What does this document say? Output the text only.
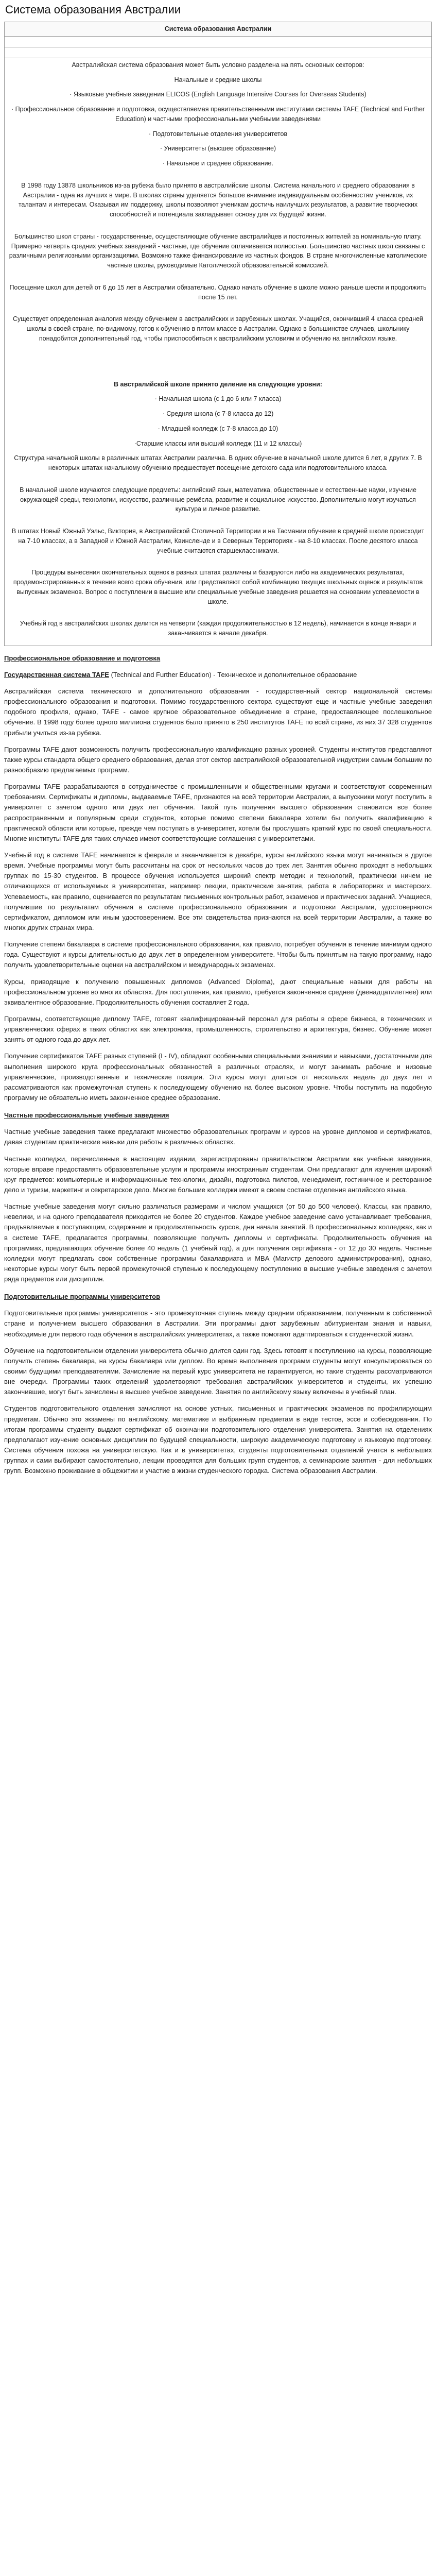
Система образования Австралии
Система образования Австралии

Австралийская система образования может быть условно разделена на пять основных секторов:

Начальные и средние школы

· Языковые учебные заведения ELICOS (English Language Intensive Courses for Overseas Students)

· Профессиональное образование и подготовка, осуществляемая правительственными институтами системы TAFE (Technical and Further Education) и частными профессиональными учебными заведениями

· Подготовительные отделения университетов

· Университеты (высшее образование)

· Начальное и среднее образование.

В 1998 году 13878 школьников из-за рубежа было принято в австралийские школы. Система начального и среднего образования в Австралии - одна из лучших в мире. В школах страны уделяется большое внимание индивидуальным особенностям учеников, их талантам и интересам. Оказывая им поддержку, школы позволяют ученикам достичь наилучших результатов, а развитие творческих способностей и потенциала закладывает основу для их будущей жизни.

Большинство школ страны - государственные, осуществляющие обучение австралийцев и постоянных жителей за номинальную плату. Примерно четверть средних учебных заведений - частные, где обучение оплачивается полностью. Большинство частных школ связаны с различными религиозными организациями. Возможно также финансирование из частных фондов. В стране многочисленные католические частные школы, руководимые Католической образовательной комиссией.

Посещение школ для детей от 6 до 15 лет в Австралии обязательно. Однако начать обучение в школе можно раньше шести и продолжить после 15 лет.

Существует определенная аналогия между обучением в австралийских и зарубежных школах. Учащийся, окончивший 4 класса средней школы в своей стране, по-видимому, готов к обучению в пятом классе в Австралии. Однако в большинстве случаев, школьнику понадобится дополнительный год, чтобы приспособиться к австралийским условиям и обучению на английском языке.

В австралийской школе принято деление на следующие уровни:

· Начальная школа (с 1 до 6 или 7 класса)

· Средняя школа (с 7-8 класса до 12)

· Младшей колледж (с 7-8 класса до 10)

·Старшие классы или высший колледж (11 и 12 классы)

Структура начальной школы в различных штатах Австралии различна. В одних обучение в начальной школе длится 6 лет, в других 7. В некоторых штатах начальному обучению предшествует посещение детского сада или подготовительного класса.

В начальной школе изучаются следующие предметы: английский язык, математика, общественные и естественные науки, изучение окружающей среды, технологии, искусство, различные ремёсла, развитие и социальное искусство. Дополнительно могут изучаться культура и личное развитие.

В штатах Новый Южный Уэльс, Виктория, в Австралийской Столичной Территории и на Тасмании обучение в средней школе происходит на 7-10 классах, а в Западной и Южной Австралии, Квинсленде и в Северных Территориях - на 8-10 классах. После десятого класса учебные считаются старшеклассниками.

Процедуры вынесения окончательных оценок в разных штатах различны и базируются либо на академических результатах, продемонстрированных в течение всего срока обучения, или представляют собой комбинацию текущих школьных оценок и результатов выпускных экзаменов. Вопрос о поступлении в высшие или специальные учебные заведения решается на основании успеваемости в школе.

Учебный год в австралийских школах делится на четверти (каждая продолжительностью в 12 недель), начинается в конце января и заканчивается в начале декабря.

Профессиональное образование и подготовка

Государственная система TAFE (Technical and Further Education) - Техническое и дополнительное образование

Австралийская система технического и дополнительного образования - государственный сектор национальной системы профессионального образования и подготовки. Помимо государственного сектора существуют еще и частные учебные заведения подобного профиля, однако, TAFE - самое крупное образовательное объединение в стране, предоставляющее послешкольное обучение. В 1998 году более одного миллиона студентов было принято в 250 институтов TAFE по всей стране, из них 37 328 студентов прибыли учиться из-за рубежа.

Программы TAFE дают возможность получить профессиональную квалификацию разных уровней. Студенты институтов представляют также курсы стандарта общего среднего образования, делая этот сектор австралийской образовательной индустрии самым большим по разнообразию предлагаемых программ.

Программы TAFE разрабатываются в сотрудничестве с промышленными и общественными кругами и соответствуют современным требованиям. Сертификаты и дипломы, выдаваемые TAFE, признаются на всей территории Австралии, а выпускники могут поступить в университет с зачетом одного или двух лет обучения. Такой путь получения высшего образования становится все более распространенным и популярным среди студентов, которые помимо степени бакалавра хотели бы получить квалификацию в практической области или которые, прежде чем поступать в университет, хотели бы прослушать краткий курс по своей специальности. Многие институты TAFE для таких случаев имеют соответствующие соглашения с университетами.

Учебный год в системе TAFE начинается в феврале и заканчивается в декабре, курсы английского языка могут начинаться в другое время. Учебные программы могут быть рассчитаны на срок от нескольких часов до трех лет. Занятия обычно проходят в небольших группах по 15-30 студентов. В процессе обучения используется широкий спектр методик и технологий, практически ничем не отличающихся от используемых в университетах, например лекции, практические занятия, работа в лабораториях и мастерских. Успеваемость, как правило, оценивается по результатам письменных контрольных работ, экзаменов и практических заданий. Учащиеся, получившие по результатам обучения в системе профессионального образования и подготовки Австралии, удостоверяются сертификатом, дипломом или иным удостоверением. Все эти свидетельства признаются на всей территории Австралии, а также во многих других странах мира.

Получение степени бакалавра в системе профессионального образования, как правило, потребует обучения в течение минимум одного года. Существуют и курсы длительностью до двух лет в определенном университете. Чтобы быть принятым на такую программу, надо получить удовлетворительные оценки на австралийском и международных экзаменах.

Курсы, приводящие к получению повышенных дипломов (Advanced Diploma), дают специальные навыки для работы на профессиональном уровне во многих областях. Для поступления, как правило, требуется законченное среднее (двенадцатилетнее) или эквивалентное образование. Продолжительность обучения составляет 2 года.

Программы, соответствующие диплому TAFE, готовят квалифицированный персонал для работы в сфере бизнеса, в технических и управленческих сферах в таких областях как электроника, промышленность, строительство и архитектура, бизнес. Обучение может занять от одного года до двух лет.

Получение сертификатов TAFE разных ступеней (I - IV), обладают особенными специальными знаниями и навыками, достаточными для выполнения широкого круга профессиональных обязанностей в различных отраслях, и могут занимать рабочие и низовые управленческие, производственные и технические позиции. Эти курсы могут длиться от нескольких недель до двух лет и рассматриваются как промежуточная ступень к последующему обучению на более высоком уровне. Чтобы поступить на подобную программу не обязательно иметь законченное среднее образование.

Частные профессиональные учебные заведения

Частные учебные заведения также предлагают множество образовательных программ и курсов на уровне дипломов и сертификатов, давая студентам практические навыки для работы в различных областях.

Частные колледжи, перечисленные в настоящем издании, зарегистрированы правительством Австралии как учебные заведения, которые вправе предоставлять образовательные услуги и программы иностранным студентам. Они предлагают для изучения широкий круг предметов: компьютерные и информационные технологии, дизайн, подготовка пилотов, менеджмент, гостиничное и ресторанное дело и туризм, маркетинг и секретарское дело. Многие большие колледжи имеют в своем составе отделения английского языка.

Частные учебные заведения могут сильно различаться размерами и числом учащихся (от 50 до 500 человек). Классы, как правило, невелики, и на одного преподавателя приходится не более 20 студентов. Каждое учебное заведение само устанавливает требования, предъявляемые к поступающим, содержание и продолжительность курсов, дни начала занятий. В профессиональных колледжах, как и в системе TAFE, предлагается программы, позволяющие получить дипломы и сертификаты. Продолжительность обучения на программах, предлагающих обучение более 40 недель (1 учебный год), а для получения сертификата - от 12 до 30 недель. Частные колледжи могут предлагать свои собственные программы бакалавриата и MBA (Магистр делового администрирования), однако, некоторые курсы могут быть первой промежуточной ступенью к последующему поступлению в высшие учебные заведения с зачетом ряда предметов или дисциплин.

Подготовительные программы университетов

Подготовительные программы университетов - это промежуточная ступень между средним образованием, полученным в собственной стране и получением высшего образования в Австралии. Эти программы дают зарубежным абитуриентам знания и навыки, необходимые для первого года обучения в австралийских университетах, а также помогают адаптироваться к студенческой жизни.

Обучение на подготовительном отделении университета обычно длится один год. Здесь готовят к поступлению на курсы, позволяющие получить степень бакалавра, на курсы бакалавра или диплом. Во время выполнения программ студенты могут консультироваться со своими будущими преподавателями. Зачисление на первый курс университета не гарантируется, но такие студенты рассматриваются вне очереди. Программы таких отделений удовлетворяют требования австралийских университетов и студенты, их успешно закончившие, могут быть зачислены в высшее учебное заведение. Занятия по английскому языку включены в учебный план.

Студентов подготовительного отделения зачисляют на основе устных, письменных и практических экзаменов по профилирующим предметам. Обычно это экзамены по английскому, математике и выбранным предметам в виде тестов, эссе и собеседования. По итогам программы студенту выдают сертификат об окончании подготовительного отделения университета. Занятия на отделениях предполагают изучение основных дисциплин по будущей специальности, широкую академическую подготовку и языковую подготовку. Система обучения похожа на университетскую. Как и в университетах, студенты подготовительных отделений учатся в небольших группах и сами выбирают самостоятельно, лекции проводятся для больших групп студентов, а семинарские занятия - для небольших групп. Возможно проживание в общежитии и участие в жизни студенческого городка. Система образования Австралии.
